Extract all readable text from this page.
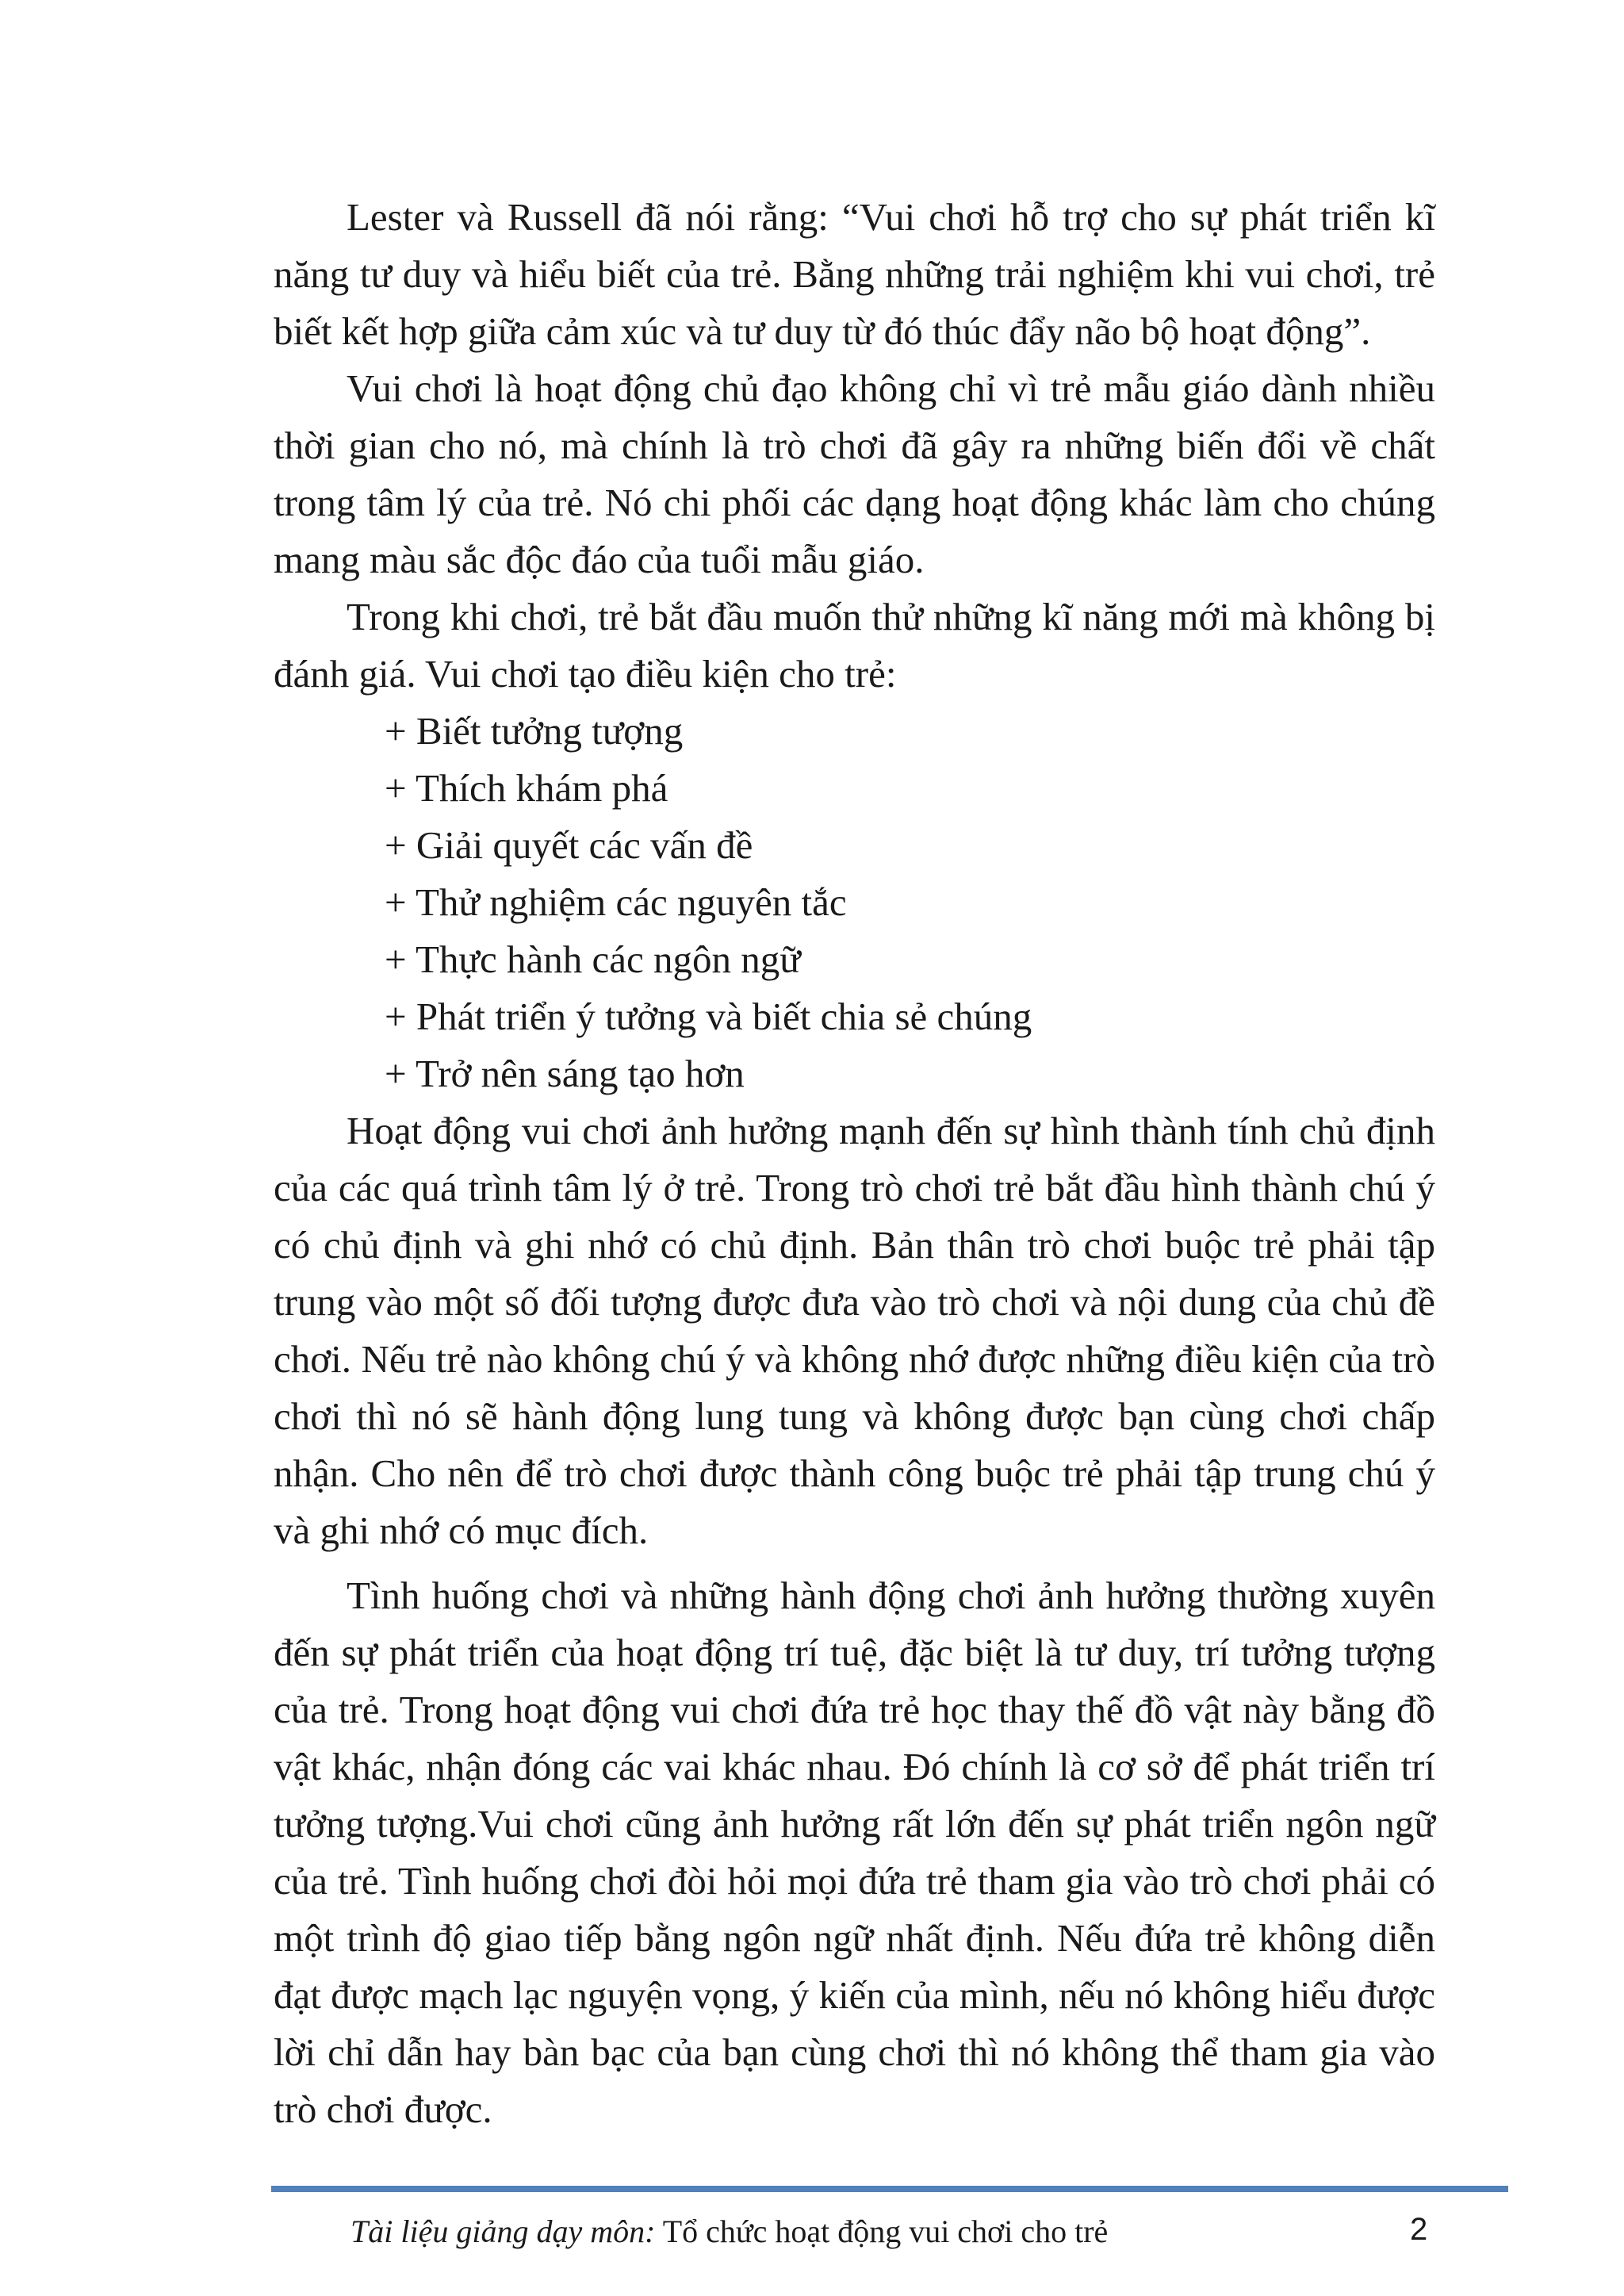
Lester và Russell đã nói rằng: “Vui chơi hỗ trợ cho sự phát triển kĩ năng tư duy và hiểu biết của trẻ. Bằng những trải nghiệm khi vui chơi, trẻ biết kết hợp giữa cảm xúc và tư duy từ đó thúc đẩy não bộ hoạt động”.

Vui chơi là hoạt động chủ đạo không chỉ vì trẻ mẫu giáo dành nhiều thời gian cho nó, mà chính là trò chơi đã gây ra những biến đổi về chất trong tâm lý của trẻ. Nó chi phối các dạng hoạt động khác làm cho chúng mang màu sắc độc đáo của tuổi mẫu giáo.

Trong khi chơi, trẻ bắt đầu muốn thử những kĩ năng mới mà không bị đánh giá. Vui chơi tạo điều kiện cho trẻ:

+ Biết tưởng tượng
+ Thích khám phá
+ Giải quyết các vấn đề
+ Thử nghiệm các nguyên tắc
+ Thực hành các ngôn ngữ
+ Phát triển ý tưởng và biết chia sẻ chúng
+ Trở nên sáng tạo hơn

Hoạt động vui chơi ảnh hưởng mạnh đến sự hình thành tính chủ định của các quá trình tâm lý ở trẻ. Trong trò chơi trẻ bắt đầu hình thành chú ý có chủ định và ghi nhớ có chủ định. Bản thân trò chơi buộc trẻ phải tập trung vào một số đối tượng được đưa vào trò chơi và nội dung của chủ đề chơi. Nếu trẻ nào không chú ý và không nhớ được những điều kiện của trò chơi thì nó sẽ hành động lung tung và không được bạn cùng chơi chấp nhận. Cho nên để trò chơi được thành công buộc trẻ phải tập trung chú ý và ghi nhớ có mục đích.

Tình huống chơi và những hành động chơi ảnh hưởng thường xuyên đến sự phát triển của hoạt động trí tuệ, đặc biệt là tư duy, trí tưởng tượng của trẻ. Trong hoạt động vui chơi đứa trẻ học thay thế đồ vật này bằng đồ vật khác, nhận đóng các vai khác nhau. Đó chính là cơ sở để phát triển trí tưởng tượng.Vui chơi cũng ảnh hưởng rất lớn đến sự phát triển ngôn ngữ của trẻ. Tình huống chơi đòi hỏi mọi đứa trẻ tham gia vào trò chơi phải có một trình độ giao tiếp bằng ngôn ngữ nhất định. Nếu đứa trẻ không diễn đạt được mạch lạc nguyện vọng, ý kiến của mình, nếu nó không hiểu được lời chỉ dẫn hay bàn bạc của bạn cùng chơi thì nó không thể tham gia vào trò chơi được.

Tài liệu giảng dạy môn: Tổ chức hoạt động vui chơi cho trẻ	2
